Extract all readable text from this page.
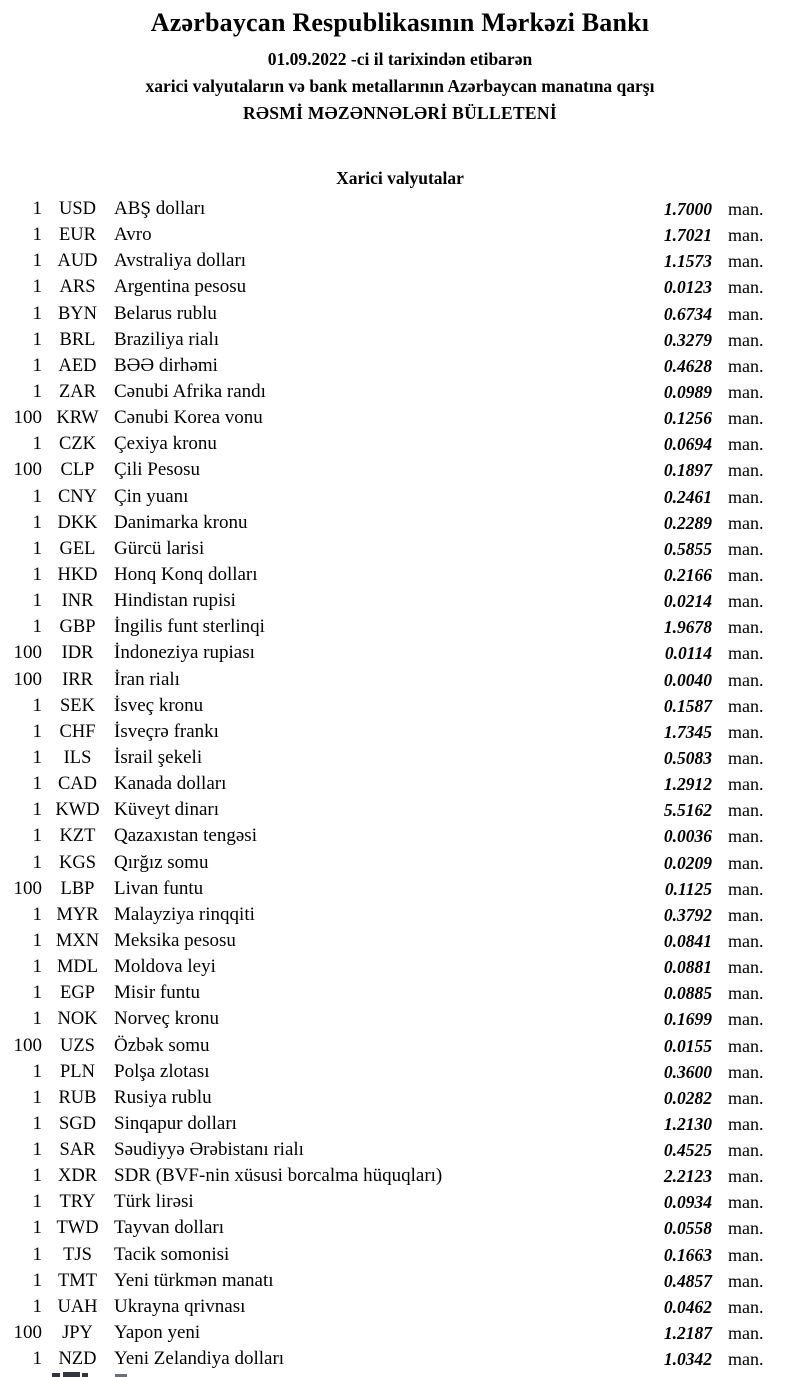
Azərbaycan Respublikasının Mərkəzi Bankı
01.09.2022 -ci il tarixindən etibarən
xarici valyutaların və bank metallarının Azərbaycan manatına qarşı
RƏSMİ MƏZƏNNƏLƏRİ BÜLLETENİ
Xarici valyutalar
1 USD ABŞ dolları	1.7000 man.
1 EUR Avro	1.7021 man.
1 AUD Avstraliya dolları	1.1573 man.
1 ARS Argentina pesosu	0.0123 man.
1 BYN Belarus rublu	0.6734 man.
1 BRL Braziliya rialı	0.3279 man.
1 AED BƏƏ dirhəmi	0.4628 man.
1 ZAR Cənubi Afrika randı	0.0989 man.
100 KRW Cənubi Korea vonu	0.1256 man.
1 CZK Çexiya kronu	0.0694 man.
100	CLP	Çili Pesosu	0.1897 man.
1 CNY Çin yuanı	0.2461 man.
1 DKK Danimarka kronu	0.2289 man.
1 GEL Gürcü larisi	0.5855 man.
1 HKD Honq Konq dolları	0.2166 man.
1	INR	Hindistan rupisi	0.0214 man.
1 GBP İngilis funt sterlinqi	1.9678 man.
100	IDR	İndoneziya rupiası	0.0114 man.
100	IRR	İran rialı	0.0040 man.
1 SEK	İsveç kronu	0.1587 man.
1 CHF İsveçrə frankı	1.7345 man.
1	ILS	İsrail şekeli	0.5083 man.
1 CAD Kanada dolları	1.2912 man.
1 KWD Küveyt dinarı	5.5162 man.
1 KZT Qazaxıstan tengəsi	0.0036 man.
1 KGS Qırğız somu	0.0209 man.
100	LBP	Livan funtu	0.1125 man.
1 MYR Malayziya rinqqiti	0.3792 man.
1 MXN Meksika pesosu	0.0841 man.
1 MDL Moldova leyi	0.0881 man.
1 EGP	Misir funtu	0.0885 man.
1 NOK Norveç kronu	0.1699 man.
100 UZS	Özbək somu	0.0155 man.
1 PLN	Polşa zlotası	0.3600 man.
1 RUB Rusiya rublu	0.0282 man.
1 SGD Sinqapur dolları	1.2130 man.
1 SAR Səudiyyə Ərəbistanı rialı	0.4525 man.
1 XDR SDR (BVF-nin xüsusi borcalma hüquqları)	2.2123 man.
1 TRY Türk lirəsi	0.0934 man.
1 TWD Tayvan dolları	0.0558 man.
1	TJS	Tacik somonisi	0.1663 man.
1 TMT Yeni türkmən manatı	0.4857 man.
1 UAH Ukrayna qrivnası	0.0462 man.
100	JPY	Yapon yeni	1.2187 man.
1 NZD Yeni Zelandiya dolları	1.0342 man.
